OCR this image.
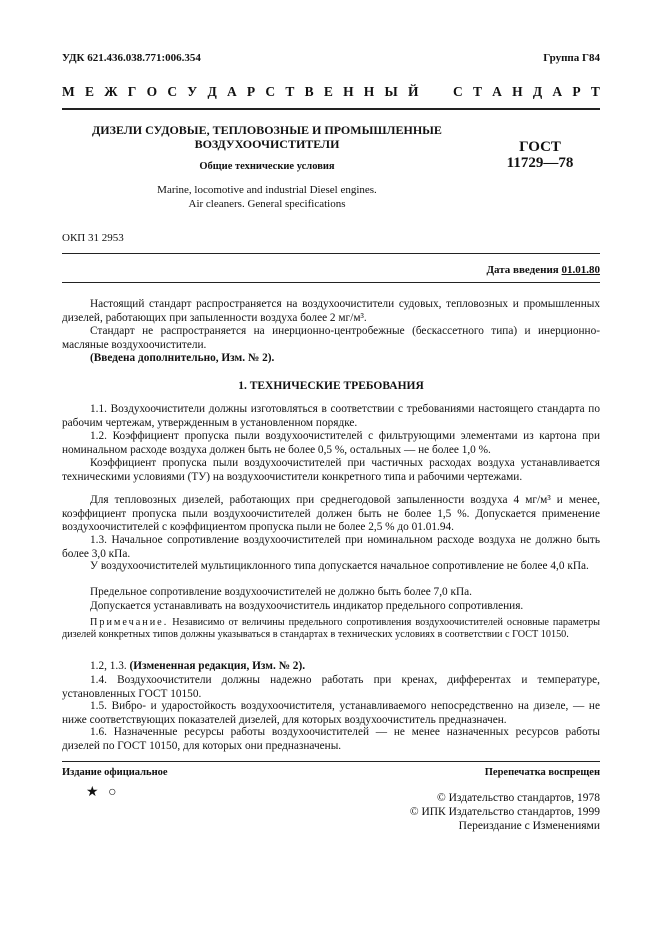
УДК 621.436.038.771:006.354	Группа Г84
М Е Ж Г О С У Д А Р С Т В Е Н Н Ы Й	С Т А Н Д А Р Т
ДИЗЕЛИ СУДОВЫЕ, ТЕПЛОВОЗНЫЕ И ПРОМЫШЛЕННЫЕ
ВОЗДУХООЧИСТИТЕЛИ
Общие технические условия
Marine, locomotive and industrial Diesel engines.
Air cleaners. General specifications
ГОСТ
11729—78
ОКП 31 2953
Дата введения 01.01.80
Настоящий стандарт распространяется на воздухоочистители судовых, тепловозных и промышленных дизелей, работающих при запыленности воздуха более 2 мг/м³.
Стандарт не распространяется на инерционно-центробежные (бескассетного типа) и инерционно-масляные воздухоочистители.
(Введена дополнительно, Изм. № 2).
1. ТЕХНИЧЕСКИЕ ТРЕБОВАНИЯ
1.1. Воздухоочистители должны изготовляться в соответствии с требованиями настоящего стандарта по рабочим чертежам, утвержденным в установленном порядке.
1.2. Коэффициент пропуска пыли воздухоочистителей с фильтрующими элементами из картона при номинальном расходе воздуха должен быть не более 0,5 %, остальных — не более 1,0 %.
Коэффициент пропуска пыли воздухоочистителей при частичных расходах воздуха устанавливается техническими условиями (ТУ) на воздухоочистители конкретного типа и рабочими чертежами.
Для тепловозных дизелей, работающих при среднегодовой запыленности воздуха 4 мг/м³ и менее, коэффициент пропуска пыли воздухоочистителей должен быть не более 1,5 %. Допускается применение воздухоочистителей с коэффициентом пропуска пыли не более 2,5 % до 01.01.94.
1.3. Начальное сопротивление воздухоочистителей при номинальном расходе воздуха не должно быть более 3,0 кПа.
У воздухоочистителей мультициклонного типа допускается начальное сопротивление не более 4,0 кПа.
Предельное сопротивление воздухоочистителей не должно быть более 7,0 кПа.
Допускается устанавливать на воздухоочиститель индикатор предельного сопротивления.
Примечание. Независимо от величины предельного сопротивления воздухоочистителей основные параметры дизелей конкретных типов должны указываться в стандартах в технических условиях в соответствии с ГОСТ 10150.
1.2, 1.3. (Измененная редакция, Изм. № 2).
1.4. Воздухоочистители должны надежно работать при кренах, дифферентах и температуре, установленных ГОСТ 10150.
1.5. Вибро- и ударостойкость воздухоочистителя, устанавливаемого непосредственно на дизеле, — не ниже соответствующих показателей дизелей, для которых воздухоочиститель предназначен.
1.6. Назначенные ресурсы работы воздухоочистителей — не менее назначенных ресурсов работы дизелей по ГОСТ 10150, для которых они предназначены.
Издание официальное	Перепечатка воспрещен
★ ○	© Издательство стандартов, 1978
© ИПК Издательство стандартов, 1999
Переиздание с Изменениями
